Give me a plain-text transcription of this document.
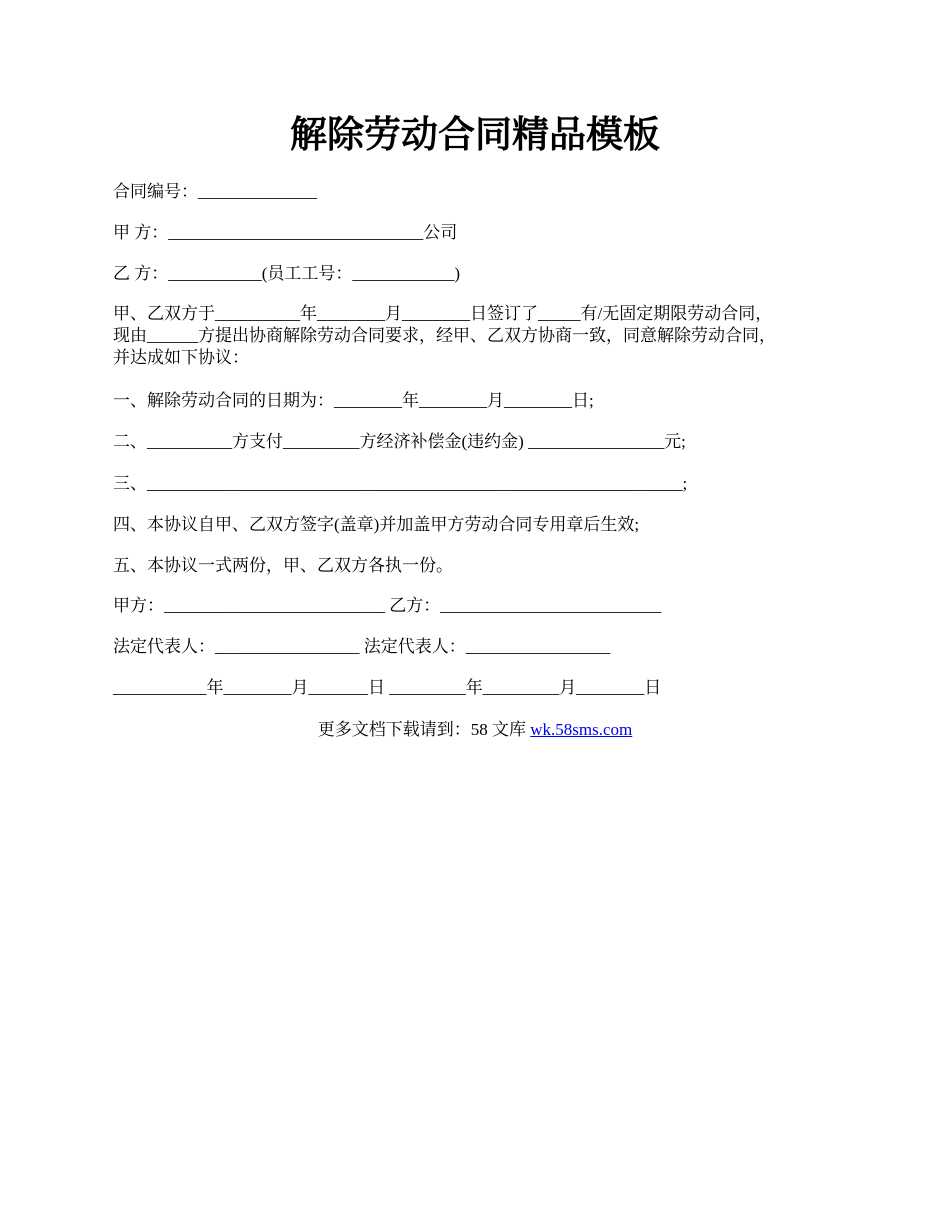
解除劳动合同精品模板
合同编号：______________
甲 方：______________________________公司
乙 方：___________(员工工号：____________)
甲、乙双方于__________年________月________日签订了_____有/无固定期限劳动合同，
现由______方提出协商解除劳动合同要求，经甲、乙双方协商一致，同意解除劳动合同，
并达成如下协议：
一、解除劳动合同的日期为：________年________月________日;
二、__________方支付_________方经济补偿金(违约金) ________________元;
三、_______________________________________________________________;
四、本协议自甲、乙双方签字(盖章)并加盖甲方劳动合同专用章后生效;
五、本协议一式两份，甲、乙双方各执一份。
甲方：__________________________ 乙方：__________________________
法定代表人：_________________ 法定代表人：_________________
___________年________月_______日 _________年_________月________日
更多文档下载请到：58 文库 wk.58sms.com
